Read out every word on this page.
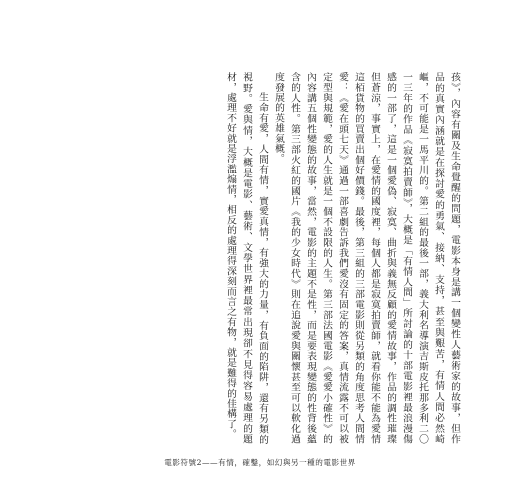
孩》，內容有關及生命覺醒的問題，電影本身是講一個變性人藝術家的故事，但作品的真實內涵就是在探討愛的勇氣、接納、支持，甚至與艱苦，有情人間必然崎嶇，不可能是一馬平川的。第二組的最後一部，義大利名導演吉斯皮托那多利二〇一三年的作品《寂寞拍賣師》，大概是「有情人間」所討論的十部電影裡最浪漫傷感的一部了，這是一個愛偽、寂寞、曲折與義無反顧的愛情故事，作品的調性璀璨但蒼涼，事實上，在愛情的國度裡，每個人都是寂寞拍賣師，就看你能不能為愛情這栢貨物的買賣出個好價錢。最後，第三組的三部電影則從另類的角度思考人間情愛：《愛在頭七天》通過一部喜劇告訴我們愛沒有固定的答案，真情流露不可以被定型與規範，愛的人生就是一個不設限的人生。第三部法國電影《愛愛小確性》的內容講五個性變態的故事，當然，電影的主題不是性，而是要表現變態的性背後蘊含的人性。第三部火紅的國片《我的少女時代》則在追說愛與關懷甚至可以軟化過度發展的英雄氣概。

生命有愛，人間有情，實愛真情，有強大的力量，有負面的陷阱，還有另類的視野。愛與情，大概是電影、藝術、文學世界裡最常出現卻不見得容易處理的題材，處理不好就是浮濫煽情，相反的處理得深刻而言之有物，就是難得的佳構了。

電影符號2——有情，確鑿，如幻與另一種的電影世界
